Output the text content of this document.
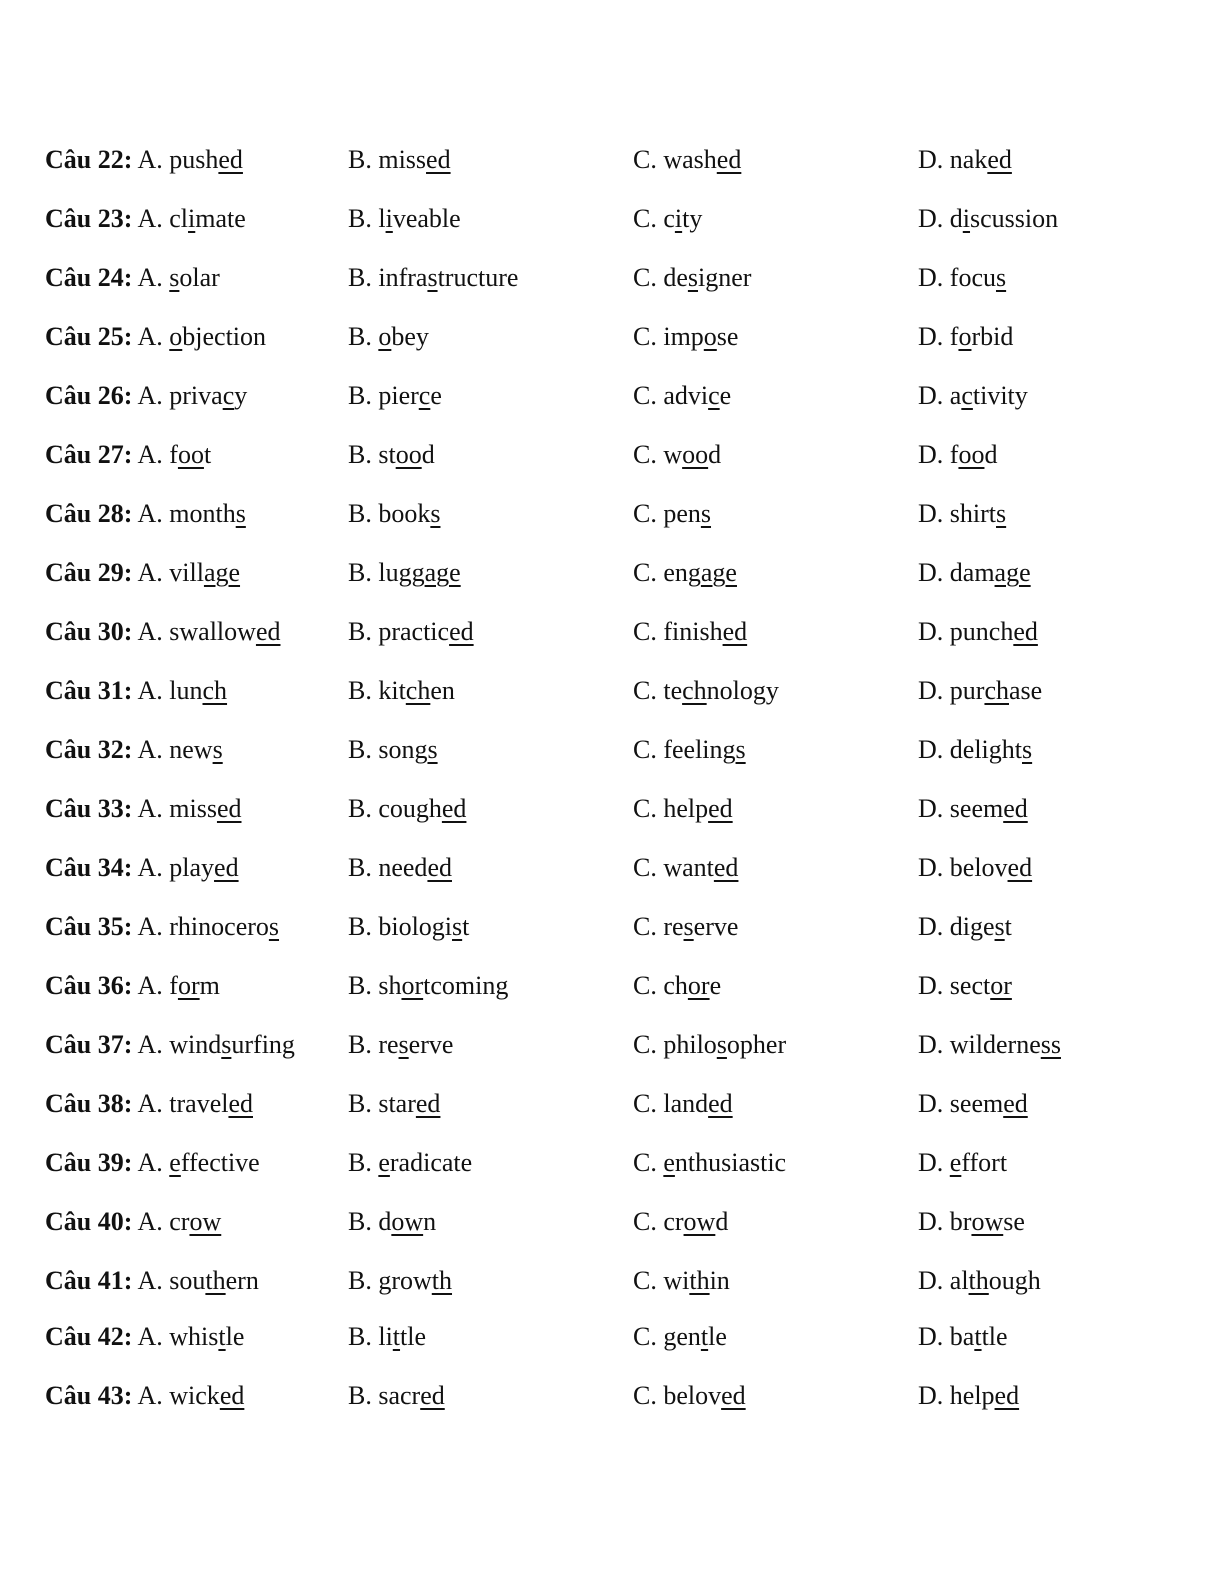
Câu 22: A. pushed	B. missed	C. washed	D. naked
Câu 23: A. climate	B. liveable	C. city	D. discussion
Câu 24: A. solar	B. infrastructure	C. designer	D. focus
Câu 25: A. objection	B. obey	C. impose	D. forbid
Câu 26: A. privacy	B. pierce	C. advice	D. activity
Câu 27: A. foot	B. stood	C. wood	D. food
Câu 28: A. months	B. books	C. pens	D. shirts
Câu 29: A. village	B. luggage	C. engage	D. damage
Câu 30: A. swallowed	B. practiced	C. finished	D. punched
Câu 31: A. lunch	B. kitchen	C. technology	D. purchase
Câu 32: A. news	B. songs	C. feelings	D. delights
Câu 33: A. missed	B. coughed	C. helped	D. seemed
Câu 34: A. played	B. needed	C. wanted	D. beloved
Câu 35: A. rhinoceros	B. biologist	C. reserve	D. digest
Câu 36: A. form	B. shortcoming	C. chore	D. sector
Câu 37: A. windsurfing B. reserve	C. philosopher	D. wilderness
Câu 38: A. traveled	B. stared	C. landed	D. seemed
Câu 39: A. effective	B. eradicate	C. enthusiastic	D. effort
Câu 40: A. crow	B. down	C. crowd	D. browse
Câu 41: A. southern	B. growth	C. within	D. although
Câu 42: A. whistle	B. little	C. gentle	D. battle
Câu 43: A. wicked	B. sacred	C. beloved	D. helped
